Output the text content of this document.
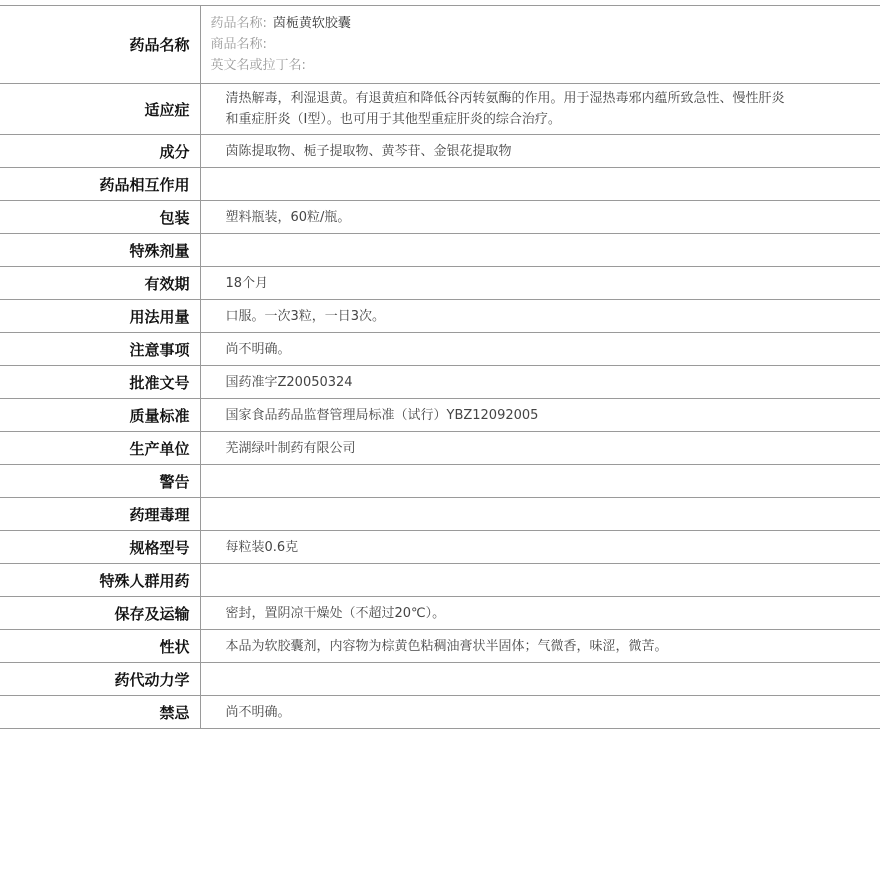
药品名称	药品名称: 茵栀黄软胶囊
商品名称:
英文名或拉丁名:

适应症	清热解毒，利湿退黄。有退黄疸和降低谷丙转氨酶的作用。用于湿热毒邪内蕴所致急性、慢性肝炎和重症肝炎（I型）。也可用于其他型重症肝炎的综合治疗。
成分	茵陈提取物、栀子提取物、黄芩苷、金银花提取物
药品相互作用	
包装	塑料瓶装，60粒/瓶。
特殊剂量	
有效期	18个月
用法用量	口服。一次3粒，一日3次。
注意事项	尚不明确。
批准文号	国药准字Z20050324
质量标准	国家食品药品监督管理局标准（试行）YBZ12092005
生产单位	芜湖绿叶制药有限公司
警告	
药理毒理	
规格型号	每粒装0.6克
特殊人群用药	
保存及运输	密封，置阴凉干燥处（不超过20℃）。
性状	本品为软胶囊剂，内容物为棕黄色粘稠油膏状半固体；气微香，味涩，微苦。
药代动力学	
禁忌	尚不明确。
